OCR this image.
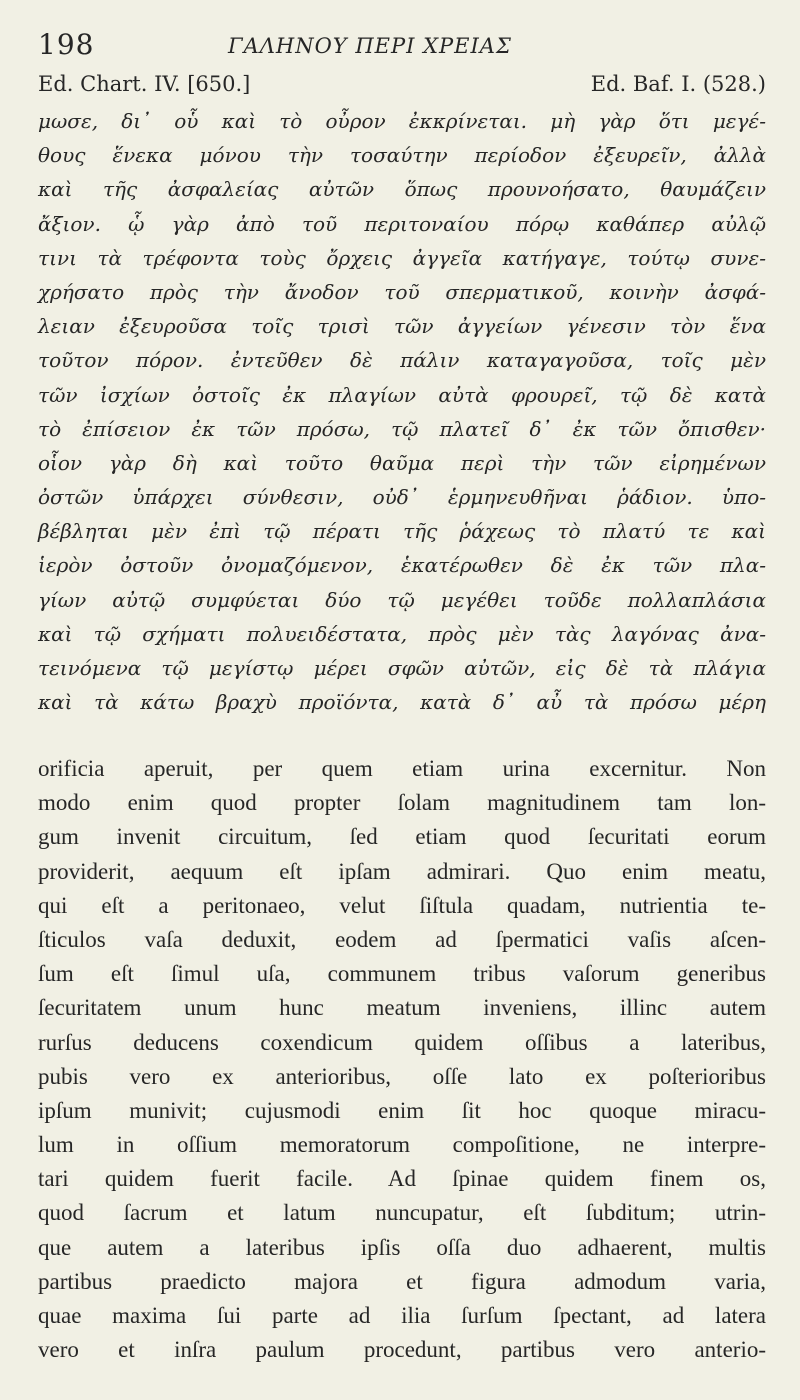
198	ΓΑΛΗΝΟΥ ΠΕΡΙ ΧΡΕΙΑΣ
Ed. Chart. IV. [650.]	Ed. Baf. I. (528.)
μωσε, δι᾽ οὗ καὶ τὸ οὖρον ἐκκρίνεται. μὴ γὰρ ὅτι μεγέ-
θους ἕνεκα μόνου τὴν τοσαύτην περίοδον ἐξευρεῖν, ἀλλὰ
καὶ τῆς ἀσφαλείας αὐτῶν ὅπως προυνοήσατο, θαυμάζειν
ἄξιον. ᾧ γὰρ ἀπὸ τοῦ περιτοναίου πόρῳ καθάπερ αὐλῷ
τινι τὰ τρέφοντα τοὺς ὄρχεις ἀγγεῖα κατήγαγε, τούτῳ συνε-
χρήσατο πρὸς τὴν ἄνοδον τοῦ σπερματικοῦ, κοινὴν ἀσφά-
λειαν ἐξευροῦσα τοῖς τρισὶ τῶν ἀγγείων γένεσιν τὸν ἕνα
τοῦτον πόρον. ἐντεῦθεν δὲ πάλιν καταγαγοῦσα, τοῖς μὲν
τῶν ἰσχίων ὀστοῖς ἐκ πλαγίων αὐτὰ φρουρεῖ, τῷ δὲ κατὰ
τὸ ἐπίσειον ἐκ τῶν πρόσω, τῷ πλατεῖ δ᾽ ἐκ τῶν ὄπισθεν·
οἷον γὰρ δὴ καὶ τοῦτο θαῦμα περὶ τὴν τῶν εἰρημένων
ὀστῶν ὑπάρχει σύνθεσιν, οὐδ᾽ ἑρμηνευθῆναι ῥάδιον. ὑπο-
βέβληται μὲν ἐπὶ τῷ πέρατι τῆς ῥάχεως τὸ πλατύ τε καὶ
ἱερὸν ὀστοῦν ὀνομαζόμενον, ἑκατέρωθεν δὲ ἐκ τῶν πλα-
γίων αὐτῷ συμφύεται δύο τῷ μεγέθει τοῦδε πολλαπλάσια
καὶ τῷ σχήματι πολυειδέστατα, πρὸς μὲν τὰς λαγόνας ἀνα-
τεινόμενα τῷ μεγίστῳ μέρει σφῶν αὐτῶν, εἰς δὲ τὰ πλάγια
καὶ τὰ κάτω βραχὺ προϊόντα, κατὰ δ᾽ αὖ τὰ πρόσω μέρη
orificia aperuit, per quem etiam urina excernitur. Non
modo enim quod propter ſolam magnitudinem tam lon-
gum invenit circuitum, ſed etiam quod ſecuritati eorum
providerit, aequum eſt ipſam admirari. Quo enim meatu,
qui eſt a peritonaeo, velut ſiſtula quadam, nutrientia te-
ſticulos vaſa deduxit, eodem ad ſpermatici vaſis aſcen-
ſum eſt ſimul uſa, communem tribus vaſorum generibus
ſecuritatem unum hunc meatum inveniens, illinc autem
rurſus deducens coxendicum quidem oſſibus a lateribus,
pubis vero ex anterioribus, oſſe lato ex poſterioribus
ipſum munivit; cujusmodi enim ſit hoc quoque miracu-
lum in oſſium memoratorum compoſitione, ne interpre-
tari quidem fuerit facile. Ad ſpinae quidem finem os,
quod ſacrum et latum nuncupatur, eſt ſubditum; utrin-
que autem a lateribus ipſis oſſa duo adhaerent, multis
partibus praedicto majora et figura admodum varia,
quae maxima ſui parte ad ilia ſurſum ſpectant, ad latera
vero et inſra paulum procedunt, partibus vero anterio-
